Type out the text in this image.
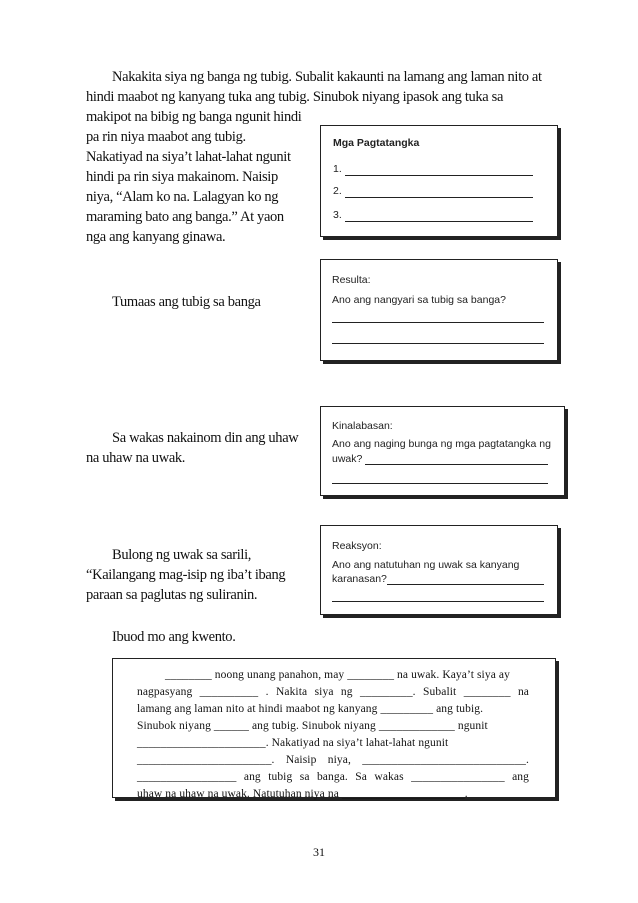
Nakakita siya ng banga ng tubig. Subalit kakaunti na lamang ang laman nito at
hindi maabot ng kanyang tuka ang tubig. Sinubok niyang ipasok ang tuka sa
makipot na bibig ng banga ngunit hindi
pa rin niya maabot ang tubig.
Nakatiyad na siya’t lahat-lahat ngunit
hindi pa rin siya makainom. Naisip
niya, “Alam ko na. Lalagyan ko ng
maraming bato ang banga.” At yaon
nga ang kanyang ginawa.
Mga Pagtatangka
1.
2.
3.
Tumaas ang tubig sa banga
Resulta:
Ano ang nangyari sa tubig sa banga?
Sa wakas nakainom din ang uhaw
na uhaw na uwak.
Kinalabasan:
Ano ang naging bunga ng mga pagtatangka ng
uwak?
Bulong ng uwak sa sarili,
“Kailangang mag-isip ng iba’t ibang
paraan sa paglutas ng suliranin.
Reaksyon:
Ano ang natutuhan ng uwak sa kanyang
karanasan?
Ibuod mo ang kwento.
________ noong unang panahon, may ________ na uwak. Kaya’t siya ay
nagpasyang __________ . Nakita siya ng _________. Subalit ________ na
lamang ang laman nito at hindi maabot ng kanyang _________ ang tubig.
Sinubok niyang ______ ang tubig. Sinubok niyang _____________ ngunit
______________________. Nakatiyad na siya’t lahat-lahat ngunit
_______________________. Naisip niya, ____________________________.
_________________ ang tubig sa banga. Sa wakas ________________ ang
uhaw na uhaw na uwak. Natutuhan niya na _____________________.
31
